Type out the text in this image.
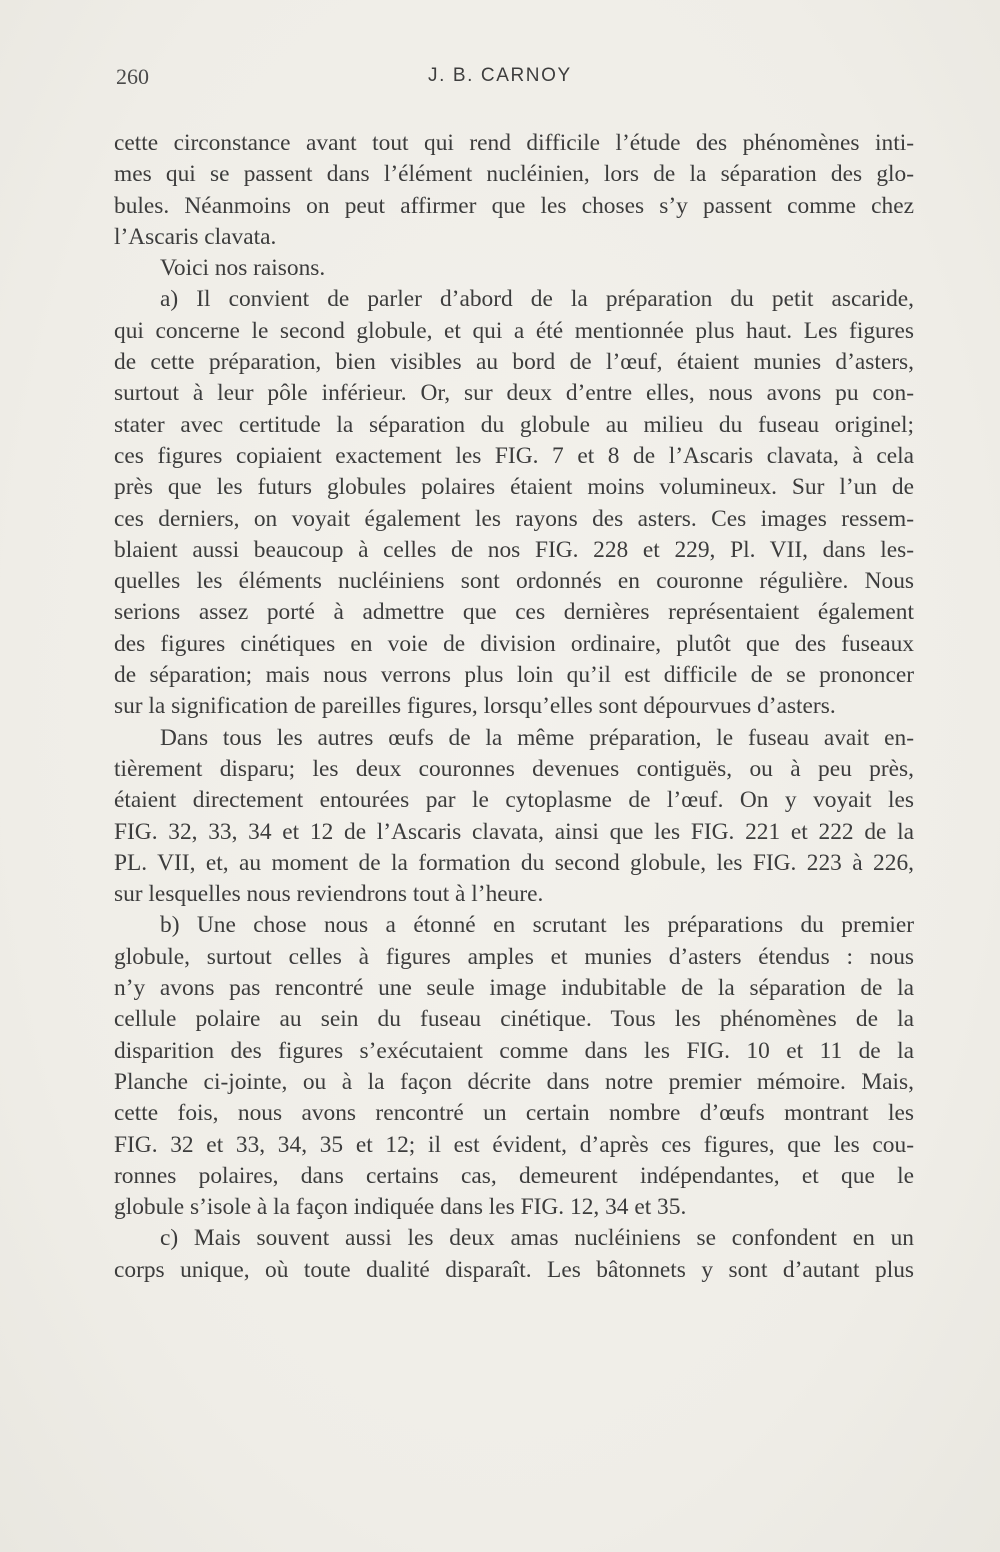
260	J. B. CARNOY
cette circonstance avant tout qui rend difficile l’étude des phénomènes inti-
mes qui se passent dans l’élément nucléinien, lors de la séparation des glo-
bules. Néanmoins on peut affirmer que les choses s’y passent comme chez
l’Ascaris clavata.
Voici nos raisons.
a) Il convient de parler d’abord de la préparation du petit ascaride,
qui concerne le second globule, et qui a été mentionnée plus haut. Les figures
de cette préparation, bien visibles au bord de l’œuf, étaient munies d’asters,
surtout à leur pôle inférieur. Or, sur deux d’entre elles, nous avons pu con-
stater avec certitude la séparation du globule au milieu du fuseau originel;
ces figures copiaient exactement les FIG. 7 et 8 de l’Ascaris clavata, à cela
près que les futurs globules polaires étaient moins volumineux. Sur l’un de
ces derniers, on voyait également les rayons des asters. Ces images ressem-
blaient aussi beaucoup à celles de nos FIG. 228 et 229, Pl. VII, dans les-
quelles les éléments nucléiniens sont ordonnés en couronne régulière. Nous
serions assez porté à admettre que ces dernières représentaient également
des figures cinétiques en voie de division ordinaire, plutôt que des fuseaux
de séparation; mais nous verrons plus loin qu’il est difficile de se prononcer
sur la signification de pareilles figures, lorsqu’elles sont dépourvues d’asters.
Dans tous les autres œufs de la même préparation, le fuseau avait en-
tièrement disparu; les deux couronnes devenues contiguës, ou à peu près,
étaient directement entourées par le cytoplasme de l’œuf. On y voyait les
FIG. 32, 33, 34 et 12 de l’Ascaris clavata, ainsi que les FIG. 221 et 222 de la
PL. VII, et, au moment de la formation du second globule, les FIG. 223 à 226,
sur lesquelles nous reviendrons tout à l’heure.
b) Une chose nous a étonné en scrutant les préparations du premier
globule, surtout celles à figures amples et munies d’asters étendus : nous
n’y avons pas rencontré une seule image indubitable de la séparation de la
cellule polaire au sein du fuseau cinétique. Tous les phénomènes de la
disparition des figures s’exécutaient comme dans les FIG. 10 et 11 de la
Planche ci-jointe, ou à la façon décrite dans notre premier mémoire. Mais,
cette fois, nous avons rencontré un certain nombre d’œufs montrant les
FIG. 32 et 33, 34, 35 et 12; il est évident, d’après ces figures, que les cou-
ronnes polaires, dans certains cas, demeurent indépendantes, et que le
globule s’isole à la façon indiquée dans les FIG. 12, 34 et 35.
c) Mais souvent aussi les deux amas nucléiniens se confondent en un
corps unique, où toute dualité disparaît. Les bâtonnets y sont d’autant plus
